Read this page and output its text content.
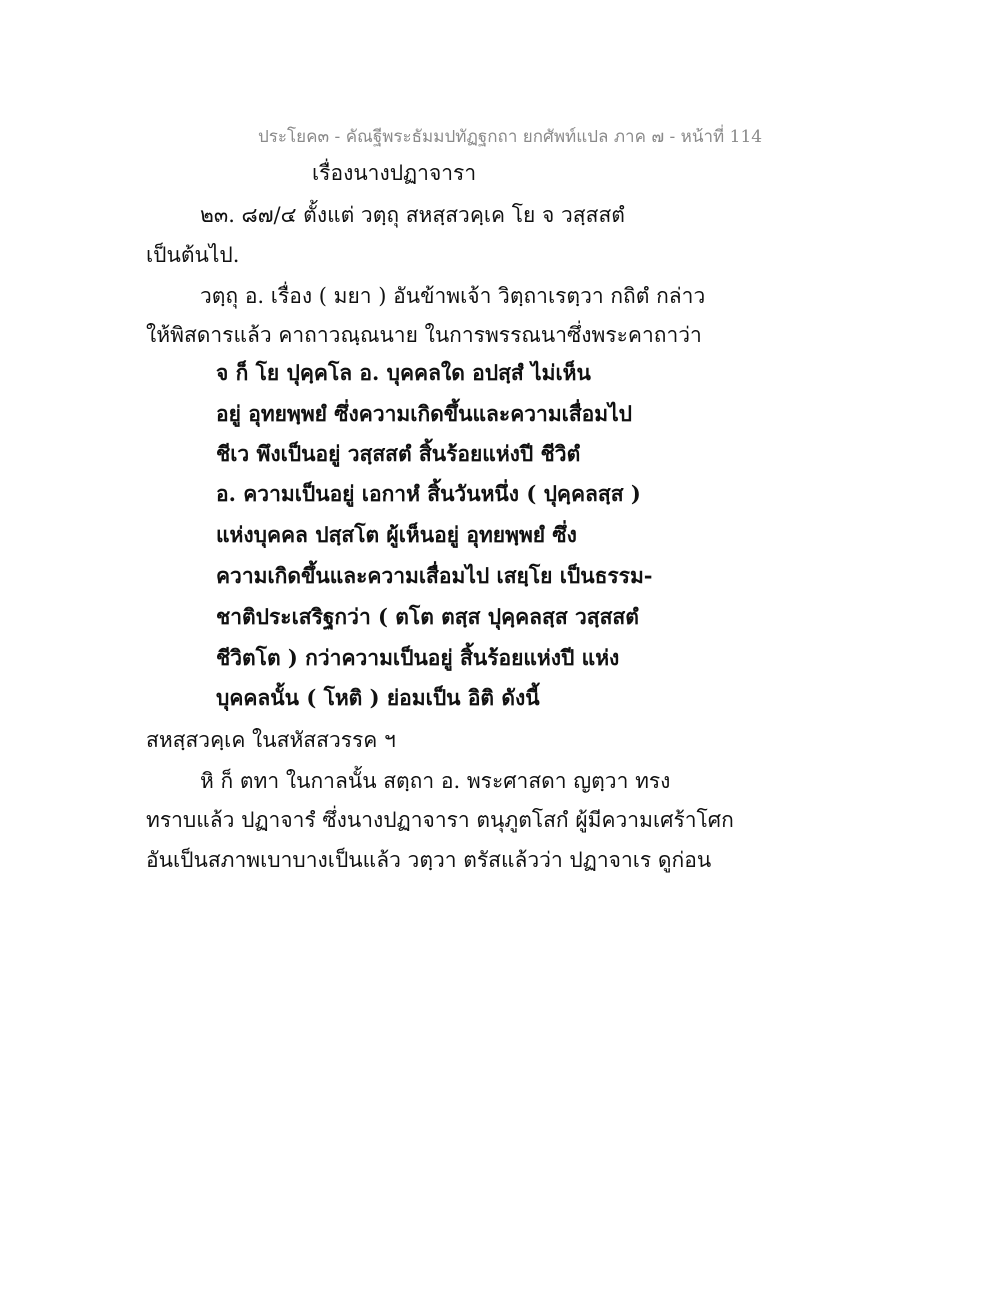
ประโยค๓ - คัณฐีพระธัมมปทัฏฐกถา ยกศัพท์แปล ภาค ๗ - หน้าที่ 114
เรื่องนางปฏาจารา
๒๓. ๘๗/๔ ตั้งแต่ วตฺถุ สหสฺสวคฺเค โย จ วสฺสสตํ
เป็นต้นไป.
วตฺถุ อ. เรื่อง ( มยา ) อันข้าพเจ้า วิตฺถาเรตฺวา กถิตํ กล่าว
ให้พิสดารแล้ว คาถาวณฺณนาย ในการพรรณนาซึ่งพระคาถาว่า
จ ก็ โย ปุคฺคโล อ. บุคคลใด อปสฺสํ ไม่เห็น
อยู่ อุทยพฺพยํ ซึ่งความเกิดขึ้นและความเสื่อมไป
ชีเว พึงเป็นอยู่ วสฺสสตํ สิ้นร้อยแห่งปี ชีวิตํ
อ. ความเป็นอยู่ เอกาหํ สิ้นวันหนึ่ง ( ปุคฺคลสฺส )
แห่งบุคคล ปสฺสโต ผู้เห็นอยู่ อุทยพฺพยํ ซึ่ง
ความเกิดขึ้นและความเสื่อมไป เสยฺโย เป็นธรรม-
ชาติประเสริฐกว่า ( ตโต ตสฺส ปุคฺคลสฺส วสฺสสตํ
ชีวิตโต ) กว่าความเป็นอยู่ สิ้นร้อยแห่งปี แห่ง
บุคคลนั้น ( โหติ ) ย่อมเป็น อิติ ดังนี้
สหสฺสวคฺเค ในสหัสสวรรค ฯ
หิ ก็ ตทา ในกาลนั้น สตฺถา อ. พระศาสดา ญตฺวา ทรง
ทราบแล้ว ปฏาจารํ ซึ่งนางปฏาจารา ตนุภูตโสกํ ผู้มีความเศร้าโศก
อันเป็นสภาพเบาบางเป็นแล้ว วตฺวา ตรัสแล้วว่า ปฏาจาเร ดูก่อน
